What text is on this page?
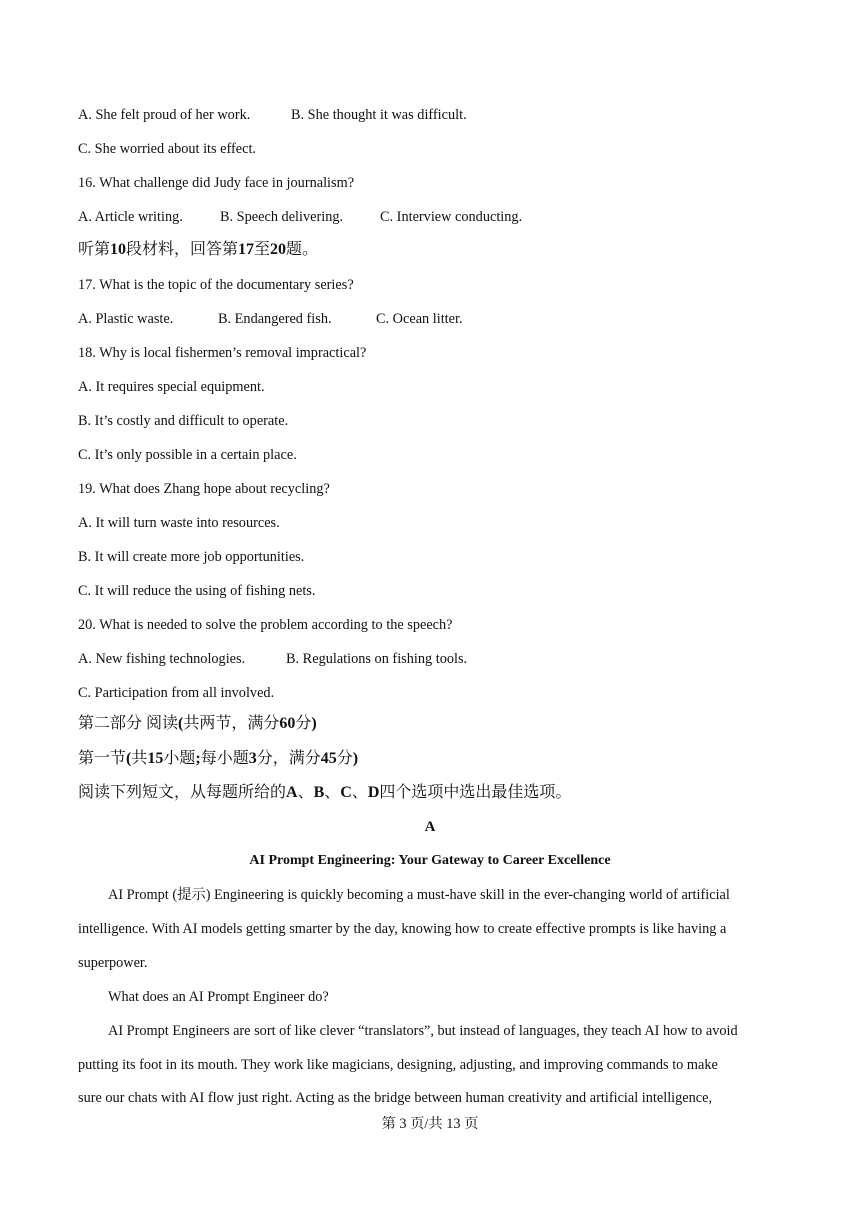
A. She felt proud of her work.	B. She thought it was difficult.
C. She worried about its effect.
16. What challenge did Judy face in journalism?
A. Article writing.	B. Speech delivering.	C. Interview conducting.
听第10段材料，回答第17至20题。
17. What is the topic of the documentary series?
A. Plastic waste.	B. Endangered fish.	C. Ocean litter.
18. Why is local fishermen’s removal impractical?
A. It requires special equipment.
B. It’s costly and difficult to operate.
C. It’s only possible in a certain place.
19. What does Zhang hope about recycling?
A. It will turn waste into resources.
B. It will create more job opportunities.
C. It will reduce the using of fishing nets.
20. What is needed to solve the problem according to the speech?
A. New fishing technologies.	B. Regulations on fishing tools.
C. Participation from all involved.
第二部分 阅读(共两节，满分60分)
第一节(共15小题;每小题3分，满分45分)
阅读下列短文，从每题所给的A、B、C、D四个选项中选出最佳选项。
A
AI Prompt Engineering: Your Gateway to Career Excellence
AI Prompt (提示) Engineering is quickly becoming a must-have skill in the ever-changing world of artificial
intelligence. With AI models getting smarter by the day, knowing how to create effective prompts is like having a
superpower.
What does an AI Prompt Engineer do?
AI Prompt Engineers are sort of like clever “translators”, but instead of languages, they teach AI how to avoid
putting its foot in its mouth. They work like magicians, designing, adjusting, and improving commands to make
sure our chats with AI flow just right. Acting as the bridge between human creativity and artificial intelligence,
第 3 页/共 13 页
